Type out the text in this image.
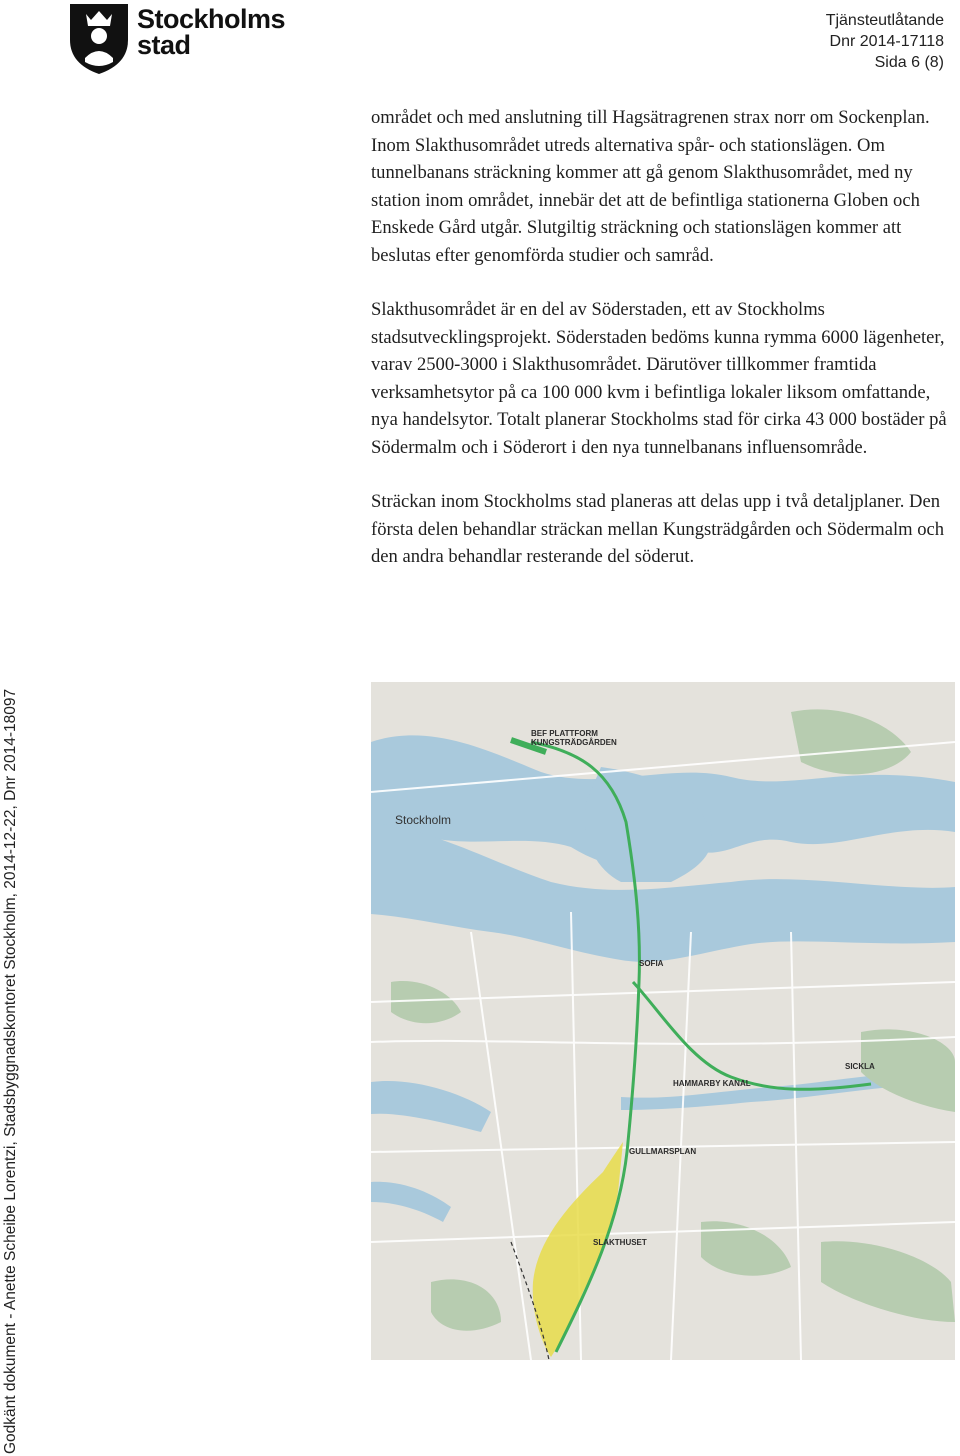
Stockholms
stad
Tjänsteutlåtande
Dnr 2014-17118
Sida 6 (8)

området och med anslutning till Hagsätragrenen strax norr om Sockenplan. Inom Slakthusområdet utreds alternativa spår- och stationslägen. Om tunnelbanans sträckning kommer att gå genom Slakthusområdet, med ny station inom området, innebär det att de befintliga stationerna Globen och Enskede Gård utgår. Slutgiltig sträckning och stationslägen kommer att beslutas efter genomförda studier och samråd.

Slakthusområdet är en del av Söderstaden, ett av Stockholms stadsutvecklingsprojekt. Söderstaden bedöms kunna rymma 6000 lägenheter, varav 2500-3000 i Slakthusområdet. Därutöver tillkommer framtida verksamhetsytor på ca 100 000 kvm i befintliga lokaler liksom omfattande, nya handelsytor. Totalt planerar Stockholms stad för cirka 43 000 bostäder på Södermalm och i Söderort i den nya tunnelbanans influensområde.

Sträckan inom Stockholms stad planeras att delas upp i två detaljplaner. Den första delen behandlar sträckan mellan Kungsträdgården och Södermalm och den andra behandlar resterande del söderut.

BEF PLATTFORM
KUNGSTRÄDGÅRDEN
Stockholm
SOFIA
HAMMARBY KANAL
SICKLA
GULLMARSPLAN
SLAKTHUSET
Godkänt dokument - Anette Scheibe Lorentzi, Stadsbyggnadskontoret Stockholm, 2014-12-22, Dnr 2014-18097
